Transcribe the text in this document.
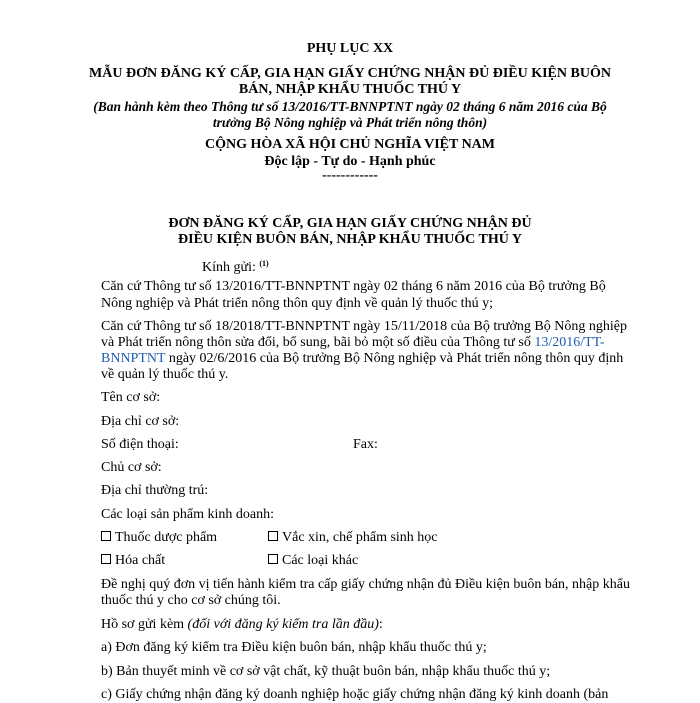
PHỤ LỤC XX
MẪU ĐƠN ĐĂNG KÝ CẤP, GIA HẠN GIẤY CHỨNG NHẬN ĐỦ ĐIỀU KIỆN BUÔN
BÁN, NHẬP KHẨU THUỐC THÚ Y
(Ban hành kèm theo Thông tư số 13/2016/TT-BNNPTNT ngày 02 tháng 6 năm 2016 của Bộ
trưởng Bộ Nông nghiệp và Phát triển nông thôn)
CỘNG HÒA XÃ HỘI CHỦ NGHĨA VIỆT NAM
Độc lập - Tự do - Hạnh phúc
------------
ĐƠN ĐĂNG KÝ CẤP, GIA HẠN GIẤY CHỨNG NHẬN ĐỦ
ĐIỀU KIỆN BUÔN BÁN, NHẬP KHẨU THUỐC THÚ Y
Kính gửi: $^{(1)}$
Căn cứ Thông tư số 13/2016/TT-BNNPTNT ngày 02 tháng 6 năm 2016 của Bộ trưởng Bộ
Nông nghiệp và Phát triển nông thôn quy định về quản lý thuốc thú y;
Căn cứ Thông tư số 18/2018/TT-BNNPTNT ngày 15/11/2018 của Bộ trưởng Bộ Nông nghiệp
và Phát triển nông thôn sửa đổi, bổ sung, bãi bỏ một số điều của Thông tư số 13/2016/TT-
BNNPTNT ngày 02/6/2016 của Bộ trưởng Bộ Nông nghiệp và Phát triển nông thôn quy định
về quản lý thuốc thú y.
Tên cơ sở:
Địa chỉ cơ sở:
Số điện thoại:	Fax:
Chủ cơ sở:
Địa chỉ thường trú:
Các loại sản phẩm kinh doanh:
Thuốc dược phẩm	Vắc xin, chế phẩm sinh học
Hóa chất	Các loại khác
Đề nghị quý đơn vị tiến hành kiểm tra cấp giấy chứng nhận đủ Điều kiện buôn bán, nhập khẩu
thuốc thú y cho cơ sở chúng tôi.
Hồ sơ gửi kèm (đối với đăng ký kiểm tra lần đầu):
a) Đơn đăng ký kiểm tra Điều kiện buôn bán, nhập khẩu thuốc thú y;
b) Bản thuyết minh về cơ sở vật chất, kỹ thuật buôn bán, nhập khẩu thuốc thú y;
c) Giấy chứng nhận đăng ký doanh nghiệp hoặc giấy chứng nhận đăng ký kinh doanh (bản
